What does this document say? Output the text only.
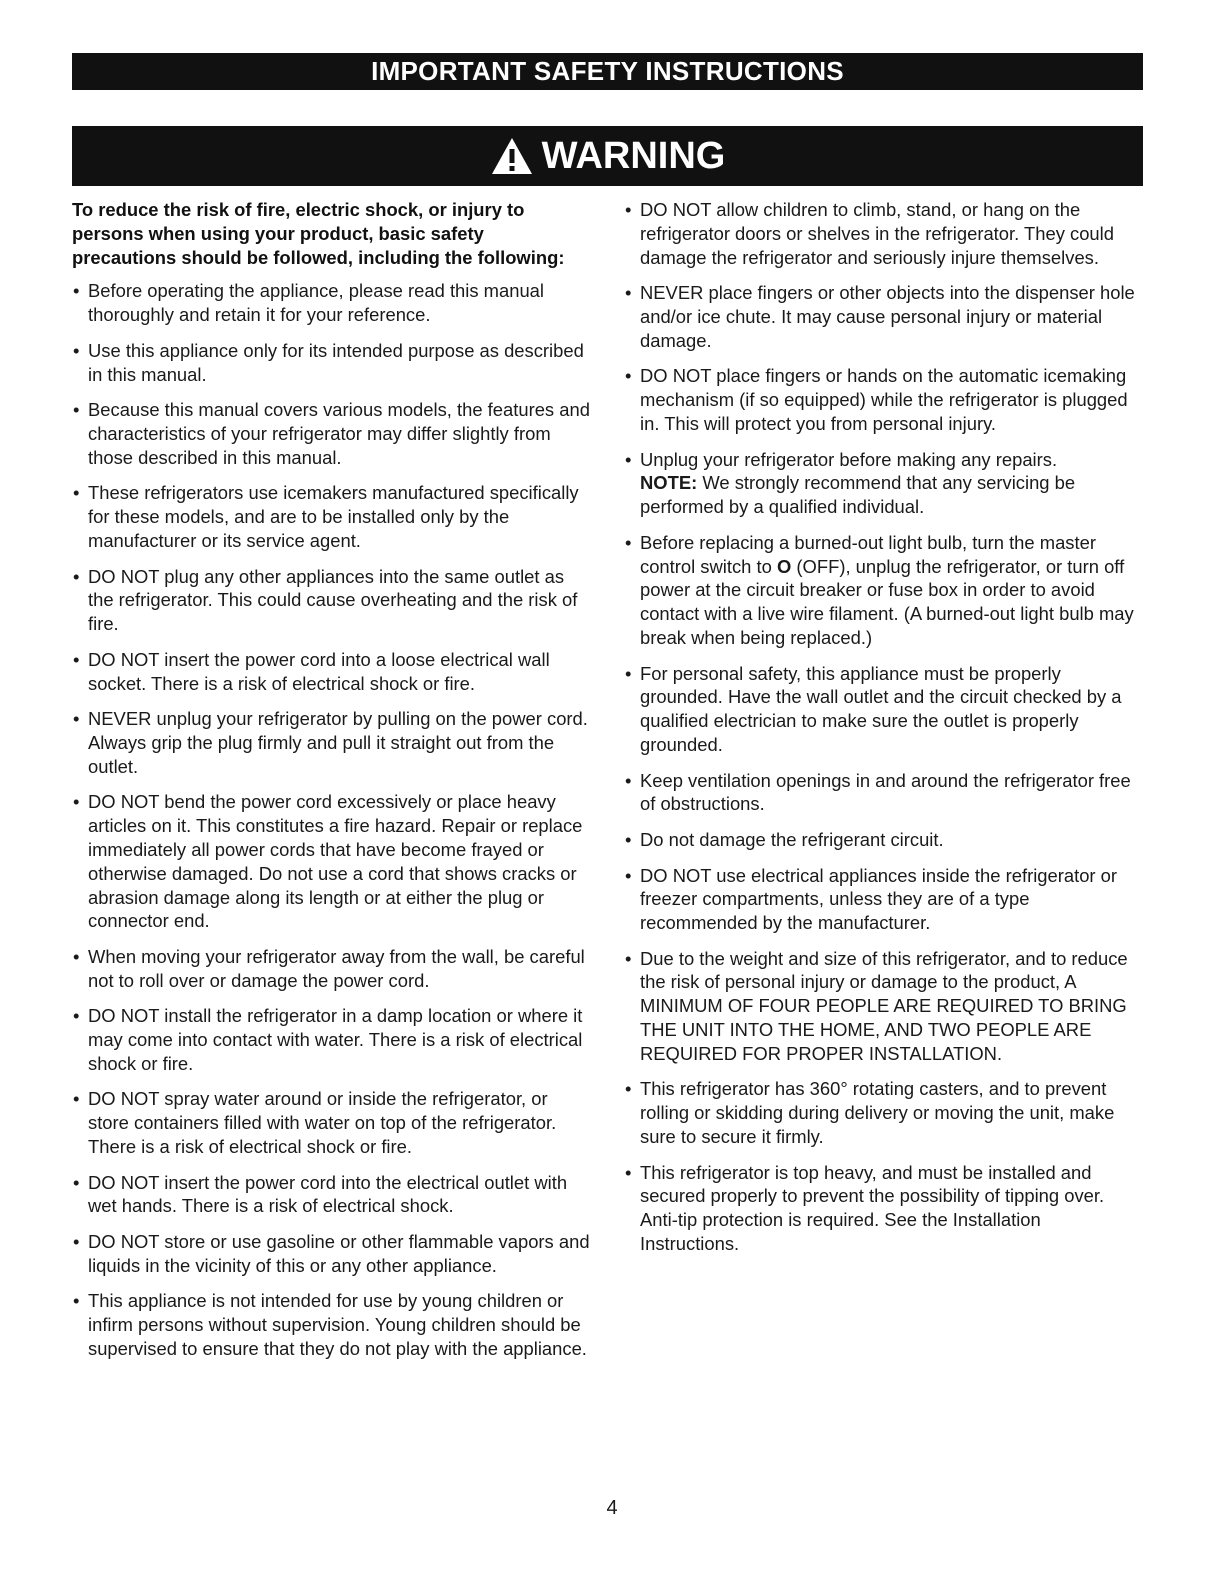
IMPORTANT SAFETY INSTRUCTIONS
WARNING

To reduce the risk of fire, electric shock, or injury to persons when using your product, basic safety precautions should be followed, including the following:

• Before operating the appliance, please read this manual thoroughly and retain it for your reference.
• Use this appliance only for its intended purpose as described in this manual.
• Because this manual covers various models, the features and characteristics of your refrigerator may differ slightly from those described in this manual.
• These refrigerators use icemakers manufactured specifically for these models, and are to be installed only by the manufacturer or its service agent.
• DO NOT plug any other appliances into the same outlet as the refrigerator. This could cause overheating and the risk of fire.
• DO NOT insert the power cord into a loose electrical wall socket. There is a risk of electrical shock or fire.
• NEVER unplug your refrigerator by pulling on the power cord. Always grip the plug firmly and pull it straight out from the outlet.
• DO NOT bend the power cord excessively or place heavy articles on it. This constitutes a fire hazard. Repair or replace immediately all power cords that have become frayed or otherwise damaged. Do not use a cord that shows cracks or abrasion damage along its length or at either the plug or connector end.
• When moving your refrigerator away from the wall, be careful not to roll over or damage the power cord.
• DO NOT install the refrigerator in a damp location or where it may come into contact with water. There is a risk of electrical shock or fire.
• DO NOT spray water around or inside the refrigerator, or store containers filled with water on top of the refrigerator. There is a risk of electrical shock or fire.
• DO NOT insert the power cord into the electrical outlet with wet hands. There is a risk of electrical shock.
• DO NOT store or use gasoline or other flammable vapors and liquids in the vicinity of this or any other appliance.
• This appliance is not intended for use by young children or infirm persons without supervision. Young children should be supervised to ensure that they do not play with the appliance.
• DO NOT allow children to climb, stand, or hang on the refrigerator doors or shelves in the refrigerator. They could damage the refrigerator and seriously injure themselves.
• NEVER place fingers or other objects into the dispenser hole and/or ice chute. It may cause personal injury or material damage.
• DO NOT place fingers or hands on the automatic icemaking mechanism (if so equipped) while the refrigerator is plugged in. This will protect you from personal injury.
• Unplug your refrigerator before making any repairs.
NOTE: We strongly recommend that any servicing be performed by a qualified individual.
• Before replacing a burned-out light bulb, turn the master control switch to O (OFF), unplug the refrigerator, or turn off power at the circuit breaker or fuse box in order to avoid contact with a live wire filament. (A burned-out light bulb may break when being replaced.)
• For personal safety, this appliance must be properly grounded. Have the wall outlet and the circuit checked by a qualified electrician to make sure the outlet is properly grounded.
• Keep ventilation openings in and around the refrigerator free of obstructions.
• Do not damage the refrigerant circuit.
• DO NOT use electrical appliances inside the refrigerator or freezer compartments, unless they are of a type recommended by the manufacturer.
• Due to the weight and size of this refrigerator, and to reduce the risk of personal injury or damage to the product, A MINIMUM OF FOUR PEOPLE ARE REQUIRED TO BRING THE UNIT INTO THE HOME, AND TWO PEOPLE ARE REQUIRED FOR PROPER INSTALLATION.
• This refrigerator has 360° rotating casters, and to prevent rolling or skidding during delivery or moving the unit, make sure to secure it firmly.
• This refrigerator is top heavy, and must be installed and secured properly to prevent the possibility of tipping over. Anti-tip protection is required. See the Installation Instructions.
4
